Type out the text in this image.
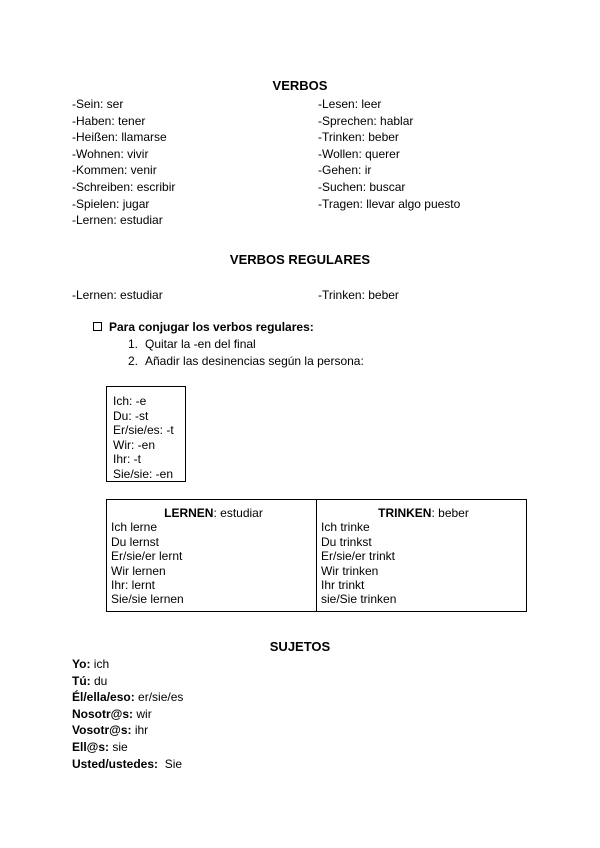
VERBOS
-Sein: ser
-Haben: tener
-Heißen: llamarse
-Wohnen: vivir
-Kommen: venir
-Schreiben: escribir
-Spielen: jugar
-Lernen: estudiar
-Lesen: leer
-Sprechen: hablar
-Trinken: beber
-Wollen: querer
-Gehen: ir
-Suchen: buscar
-Tragen: llevar algo puesto
VERBOS REGULARES
-Lernen: estudiar	-Trinken: beber
Para conjugar los verbos regulares:
1. Quitar la -en del final
2. Añadir las desinencias según la persona:
Ich: -e
Du: -st
Er/sie/es: -t
Wir: -en
Ihr: -t
Sie/sie: -en
LERNEN: estudiar
Ich lerne
Du lernst
Er/sie/er lernt
Wir lernen
Ihr: lernt
Sie/sie lernen
TRINKEN: beber
Ich trinke
Du trinkst
Er/sie/er trinkt
Wir trinken
Ihr trinkt
sie/Sie trinken
SUJETOS
Yo: ich
Tú: du
Él/ella/eso: er/sie/es
Nosotr@s: wir
Vosotr@s: ihr
Ell@s: sie
Usted/ustedes:  Sie
